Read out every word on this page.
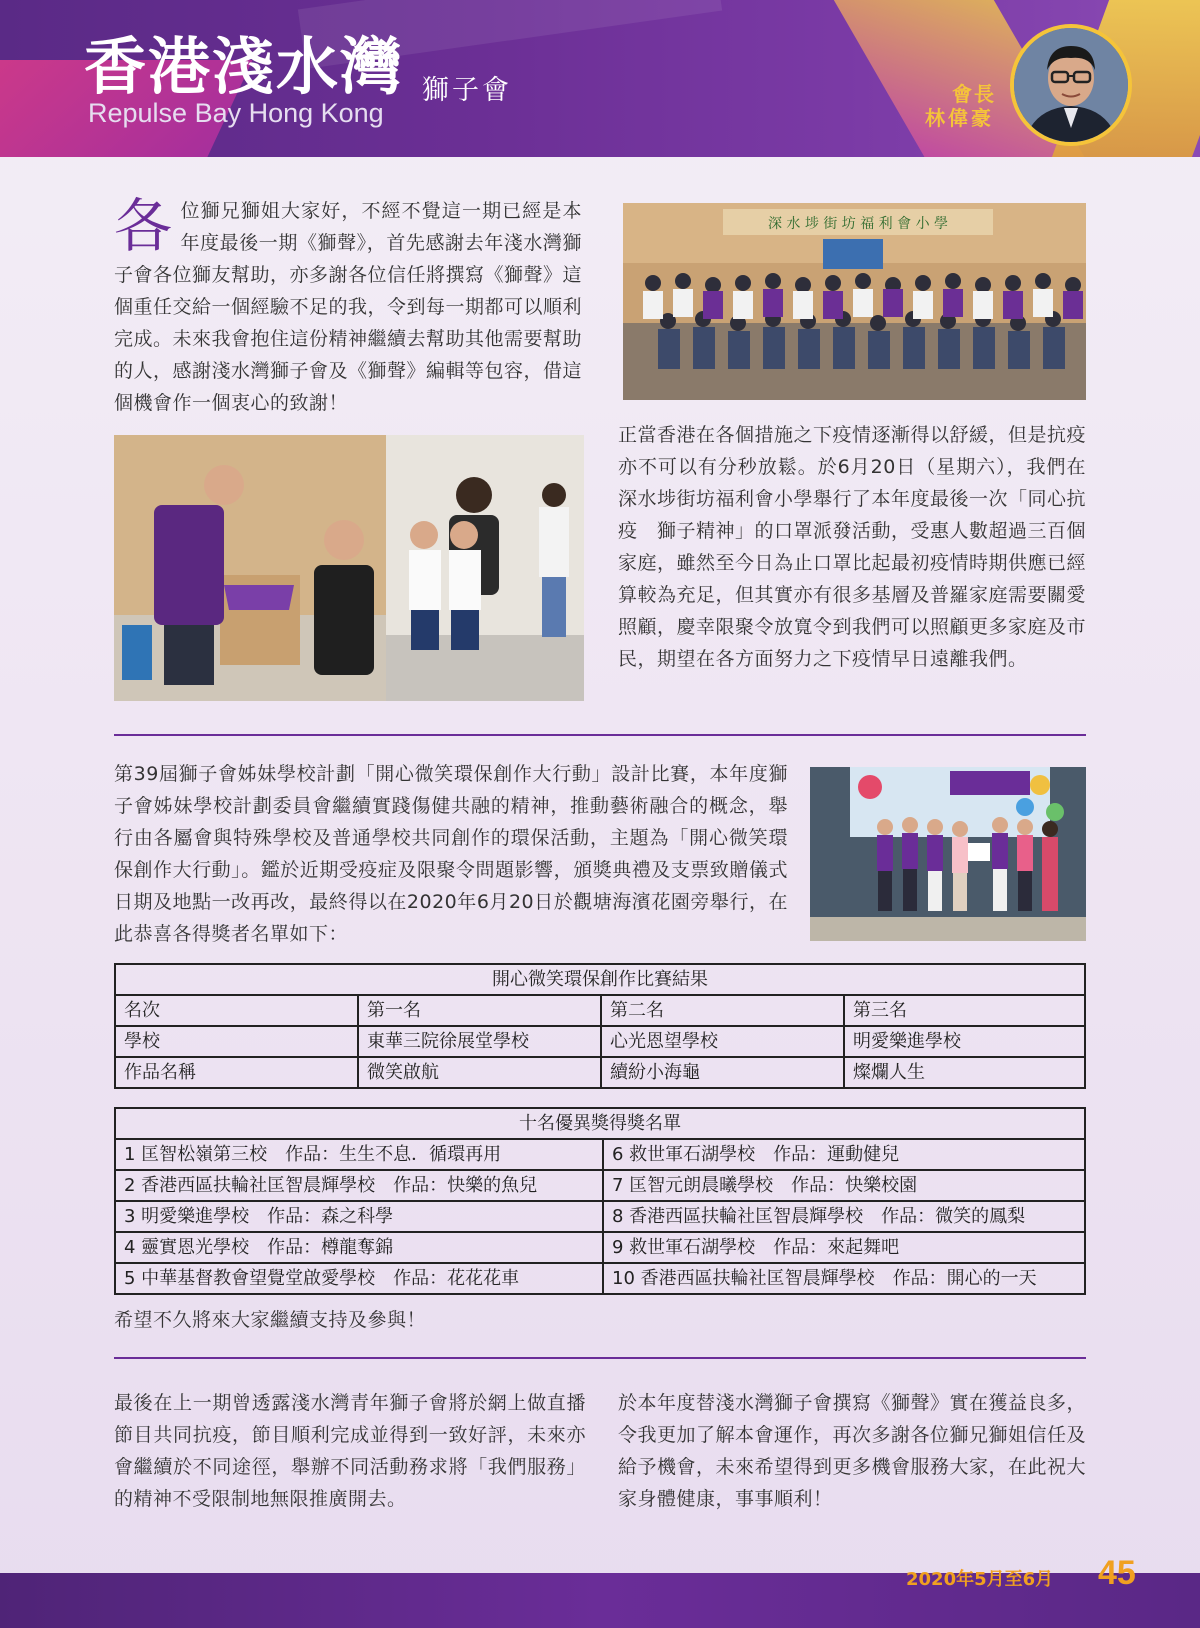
香港淺水灣 獅子會
Repulse Bay Hong Kong
會長
林偉豪
各位獅兄獅姐大家好，不經不覺這一期已經是本年度最後一期《獅聲》，首先感謝去年淺水灣獅子會各位獅友幫助，亦多謝各位信任將撰寫《獅聲》這個重任交給一個經驗不足的我，令到每一期都可以順利完成。未來我會抱住這份精神繼續去幫助其他需要幫助的人，感謝淺水灣獅子會及《獅聲》編輯等包容，借這個機會作一個衷心的致謝！
深 水 埗 街 坊 福 利 會 小 學
正當香港在各個措施之下疫情逐漸得以舒緩，但是抗疫亦不可以有分秒放鬆。於6月20日（星期六），我們在深水埗街坊福利會小學舉行了本年度最後一次「同心抗疫　獅子精神」的口罩派發活動，受惠人數超過三百個家庭，雖然至今日為止口罩比起最初疫情時期供應已經算較為充足，但其實亦有很多基層及普羅家庭需要關愛照顧，慶幸限聚令放寬令到我們可以照顧更多家庭及市民，期望在各方面努力之下疫情早日遠離我們。
第39屆獅子會姊妹學校計劃「開心微笑環保創作大行動」設計比賽，本年度獅子會姊妹學校計劃委員會繼續實踐傷健共融的精神，推動藝術融合的概念，舉行由各屬會與特殊學校及普通學校共同創作的環保活動，主題為「開心微笑環保創作大行動」。鑑於近期受疫症及限聚令問題影響，頒獎典禮及支票致贈儀式日期及地點一改再改，最終得以在2020年6月20日於觀塘海濱花園旁舉行，在此恭喜各得獎者名單如下：
開心微笑環保創作比賽結果			
名次	第一名	第二名	第三名
學校	東華三院徐展堂學校	心光恩望學校	明愛樂進學校
作品名稱	微笑啟航	續紛小海龜	燦爛人生
十名優異獎得獎名單	
1 匡智松嶺第三校　作品：生生不息．循環再用	6 救世軍石湖學校　作品：運動健兒
2 香港西區扶輪社匡智晨輝學校　作品：快樂的魚兒	7 匡智元朗晨曦學校　作品：快樂校園
3 明愛樂進學校　作品：森之科學	8 香港西區扶輪社匡智晨輝學校　作品：微笑的鳳梨
4 靈實恩光學校　作品：樽龍奪錦	9 救世軍石湖學校　作品：來起舞吧
5 中華基督教會望覺堂啟愛學校　作品：花花花車	10 香港西區扶輪社匡智晨輝學校　作品：開心的一天
希望不久將來大家繼續支持及參與！
最後在上一期曾透露淺水灣青年獅子會將於網上做直播節目共同抗疫，節目順利完成並得到一致好評，未來亦會繼續於不同途徑，舉辦不同活動務求將「我們服務」的精神不受限制地無限推廣開去。
於本年度替淺水灣獅子會撰寫《獅聲》實在獲益良多，令我更加了解本會運作，再次多謝各位獅兄獅姐信任及給予機會，未來希望得到更多機會服務大家，在此祝大家身體健康，事事順利！
2020年5月至6月 45
